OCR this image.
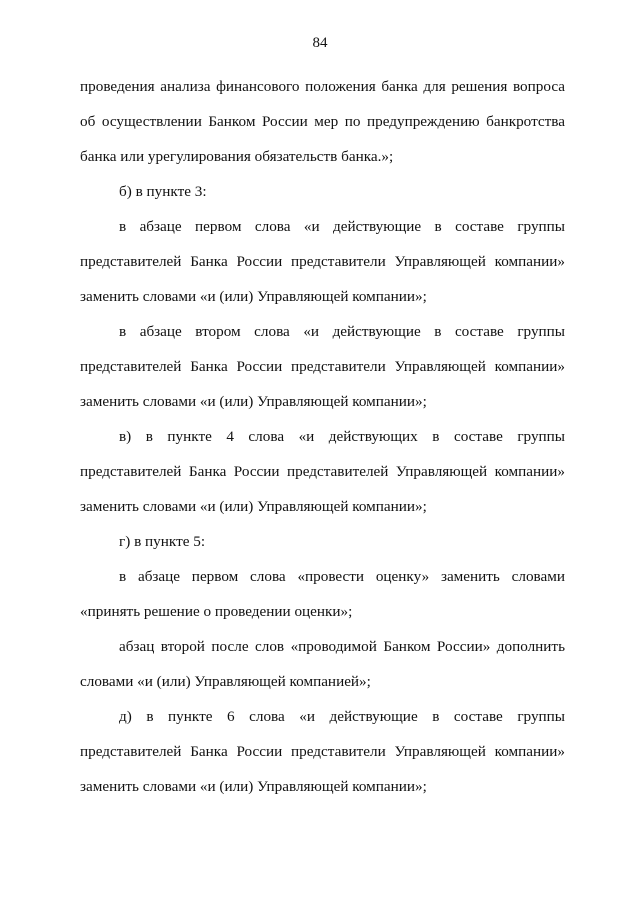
84
проведения анализа финансового положения банка для решения вопроса
об осуществлении Банком России мер по предупреждению банкротства
банка или урегулирования обязательств банка.»;
б) в пункте 3:
в абзаце первом слова «и действующие в составе группы
представителей Банка России представители Управляющей компании»
заменить словами «и (или) Управляющей компании»;
в абзаце втором слова «и действующие в составе группы
представителей Банка России представители Управляющей компании»
заменить словами «и (или) Управляющей компании»;
в) в пункте 4 слова «и действующих в составе группы
представителей Банка России представителей Управляющей компании»
заменить словами «и (или) Управляющей компании»;
г) в пункте 5:
в абзаце первом слова «провести оценку» заменить словами
«принять решение о проведении оценки»;
абзац второй после слов «проводимой Банком России» дополнить
словами «и (или) Управляющей компанией»;
д) в пункте 6 слова «и действующие в составе группы
представителей Банка России представители Управляющей компании»
заменить словами «и (или) Управляющей компании»;
